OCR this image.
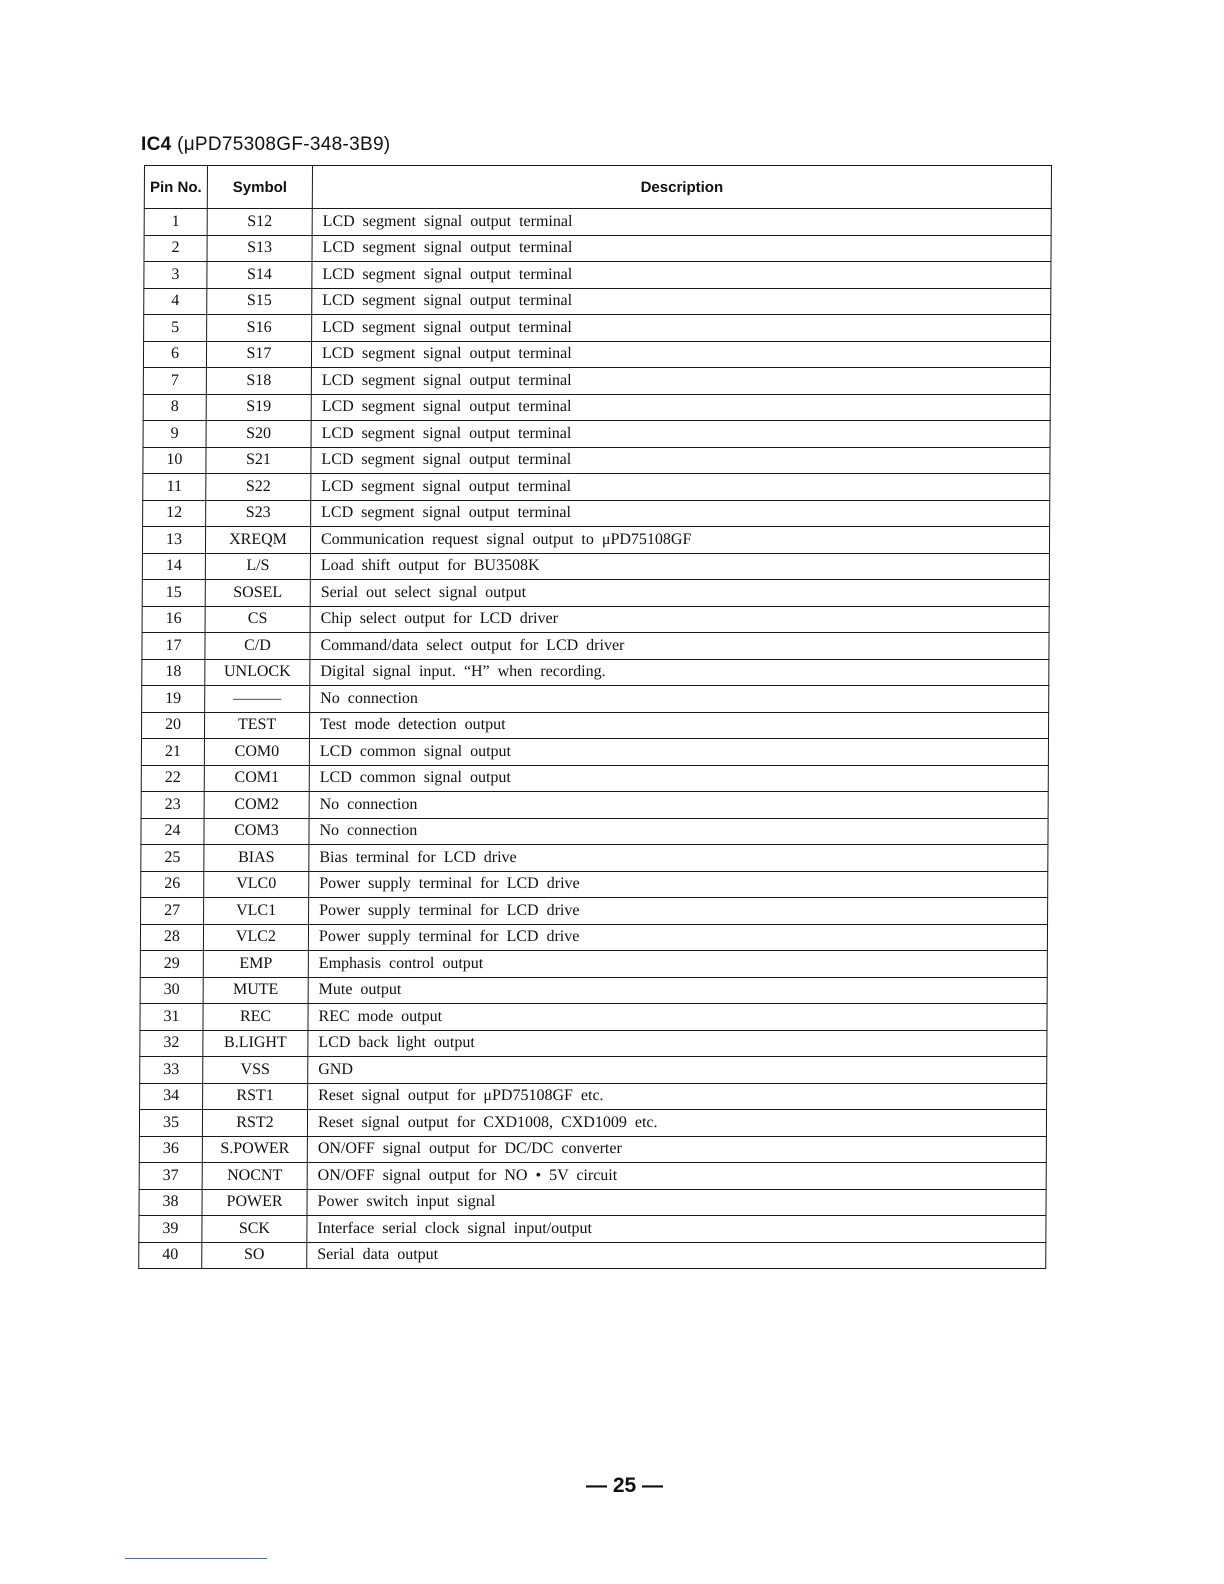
IC4 (μPD75308GF-348-3B9)
Pin No.	Symbol	Description
1	S12	LCD segment signal output terminal
2	S13	LCD segment signal output terminal
3	S14	LCD segment signal output terminal
4	S15	LCD segment signal output terminal
5	S16	LCD segment signal output terminal
6	S17	LCD segment signal output terminal
7	S18	LCD segment signal output terminal
8	S19	LCD segment signal output terminal
9	S20	LCD segment signal output terminal
10	S21	LCD segment signal output terminal
11	S22	LCD segment signal output terminal
12	S23	LCD segment signal output terminal
13	XREQM	Communication request signal output to μPD75108GF
14	L/S	Load shift output for BU3508K
15	SOSEL	Serial out select signal output
16	CS	Chip select output for LCD driver
17	C/D	Command/data select output for LCD driver
18	UNLOCK	Digital signal input. “H” when recording.
19	———	No connection
20	TEST	Test mode detection output
21	COM0	LCD common signal output
22	COM1	LCD common signal output
23	COM2	No connection
24	COM3	No connection
25	BIAS	Bias terminal for LCD drive
26	VLC0	Power supply terminal for LCD drive
27	VLC1	Power supply terminal for LCD drive
28	VLC2	Power supply terminal for LCD drive
29	EMP	Emphasis control output
30	MUTE	Mute output
31	REC	REC mode output
32	B.LIGHT	LCD back light output
33	VSS	GND
34	RST1	Reset signal output for μPD75108GF etc.
35	RST2	Reset signal output for CXD1008, CXD1009 etc.
36	S.POWER	ON/OFF signal output for DC/DC converter
37	NOCNT	ON/OFF signal output for NO • 5V circuit
38	POWER	Power switch input signal
39	SCK	Interface serial clock signal input/output
40	SO	Serial data output
— 25 —
